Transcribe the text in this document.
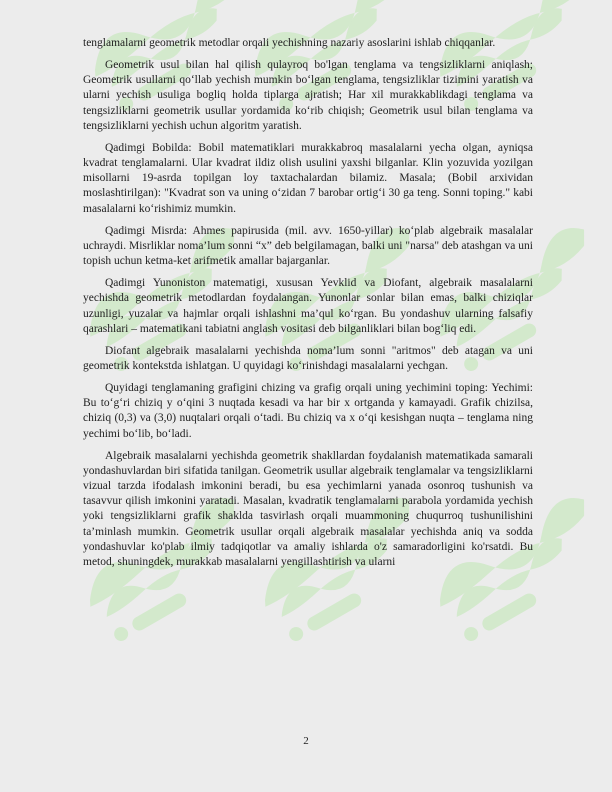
tenglamalarni geometrik metodlar orqali yechishning nazariy asoslarini ishlab chiqqanlar.

Geometrik usul bilan hal qilish qulayroq bo'lgan tenglama va tengsizliklarni aniqlash; Geometrik usullarni qo‘llab yechish mumkin bo‘lgan tenglama, tengsizliklar tizimini yaratish va ularni yechish usuliga bogliq holda tiplarga ajratish; Har xil murakkablikdagi tenglama va tengsizliklarni geometrik usullar yordamida ko‘rib chiqish; Geometrik usul bilan tenglama va tengsizliklarni yechish uchun algoritm yaratish.

Qadimgi Bobilda: Bobil matematiklari murakkabroq masalalarni yecha olgan, ayniqsa kvadrat tenglamalarni. Ular kvadrat ildiz olish usulini yaxshi bilganlar. Klin yozuvida yozilgan misollarni 19-asrda topilgan loy taxtachalardan bilamiz. Masala; (Bobil arxividan moslashtirilgan): "Kvadrat son va uning o‘zidan 7 barobar ortig‘i 30 ga teng. Sonni toping." kabi masalalarni ko‘rishimiz mumkin.

Qadimgi Misrda: Ahmes papirusida (mil. avv. 1650-yillar) ko‘plab algebraik masalalar uchraydi. Misrliklar noma’lum sonni “x” deb belgilamagan, balki uni "narsa" deb atashgan va uni topish uchun ketma-ket arifmetik amallar bajarganlar.

Qadimgi Yunoniston matematigi, xususan Yevklid va Diofant, algebraik masalalarni yechishda geometrik metodlardan foydalangan. Yunonlar sonlar bilan emas, balki chiziqlar uzunligi, yuzalar va hajmlar orqali ishlashni ma’qul ko‘rgan. Bu yondashuv ularning falsafiy qarashlari – matematikani tabiatni anglash vositasi deb bilganliklari bilan bog‘liq edi.

Diofant algebraik masalalarni yechishda noma’lum sonni "aritmos" deb atagan va uni geometrik kontekstda ishlatgan. U quyidagi ko‘rinishdagi masalalarni yechgan.

Quyidagi tenglamaning grafigini chizing va grafig orqali uning yechimini toping: Yechimi: Bu to‘g‘ri chiziq y o‘qini 3 nuqtada kesadi va har bir x ortganda y kamayadi. Grafik chizilsa, chiziq (0,3) va (3,0) nuqtalari orqali o‘tadi. Bu chiziq va x o‘qi kesishgan nuqta – tenglama ning yechimi bo‘lib, bo‘ladi.

Algebraik masalalarni yechishda geometrik shakllardan foydalanish matematikada samarali yondashuvlardan biri sifatida tanilgan. Geometrik usullar algebraik tenglamalar va tengsizliklarni vizual tarzda ifodalash imkonini beradi, bu esa yechimlarni yanada osonroq tushunish va tasavvur qilish imkonini yaratadi. Masalan, kvadratik tenglamalarni parabola yordamida yechish yoki tengsizliklarni grafik shaklda tasvirlash orqali muammoning chuqurroq tushunilishini ta’minlash mumkin. Geometrik usullar orqali algebraik masalalar yechishda aniq va sodda yondashuvlar ko'plab ilmiy tadqiqotlar va amaliy ishlarda o'z samaradorligini ko'rsatdi. Bu metod, shuningdek, murakkab masalalarni yengillashtirish va ularni

2
